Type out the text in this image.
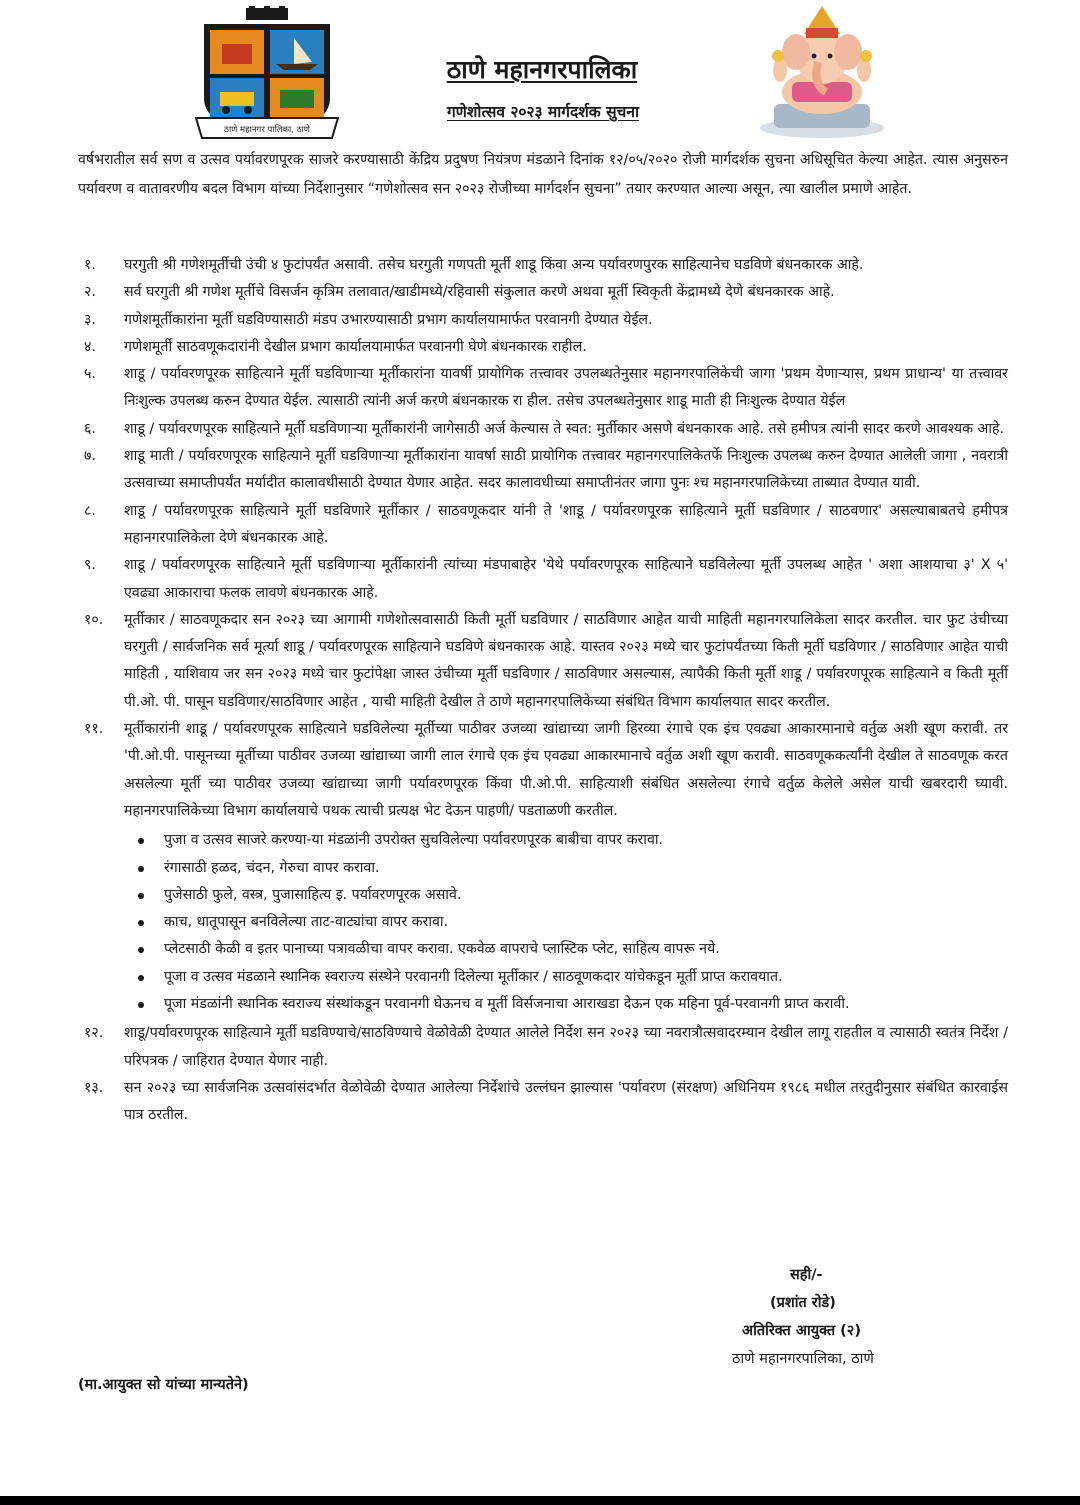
ठाणे महानगर पालिका, ठाणे
ठाणे महानगरपालिका
गणेशोत्सव २०२३ मार्गदर्शक सुचना
वर्षभरातील सर्व सण व उत्सव पर्यावरणपूरक साजरे करण्यासाठी केंद्रिय प्रदुषण नियंत्रण मंडळाने दिनांक १२/०५/२०२० रोजी मार्गदर्शक सुचना अधिसूचित केल्या आहेत. त्यास अनुसरुन पर्यावरण व वातावरणीय बदल विभाग यांच्या निर्देशानुसार “गणेशोत्सव सन २०२३ रोजीच्या मार्गदर्शन सुचना” तयार करण्यात आल्या असून, त्या खालील प्रमाणे आहेत.
१.	घरगुती श्री गणेशमूर्तीची उंची ४ फुटांपर्यंत असावी. तसेच घरगुती गणपती मूर्ती शाडू किंवा अन्य पर्यावरणपुरक साहित्यानेच घडविणे बंधनकारक आहे.
२.	सर्व घरगुती श्री गणेश मूर्तीचे विसर्जन कृत्रिम तलावात/खाडीमध्ये/रहिवासी संकुलात करणे अथवा मूर्ती स्विकृती केंद्रामध्ये देणे बंधनकारक आहे.
३.	गणेशमूर्तीकारांना मूर्ती घडविण्यासाठी मंडप उभारण्यासाठी प्रभाग कार्यालयामार्फत परवानगी देण्यात येईल.
४.	गणेशमूर्ती साठवणूकदारांनी देखील प्रभाग कार्यालयामार्फत परवानगी घेणे बंधनकारक राहील.
५.	शाडू / पर्यावरणपूरक साहित्याने मूर्ती घडविणाऱ्या मूर्तीकारांना यावर्षी प्रायोगिक तत्त्वावर उपलब्धतेनुसार महानगरपालिकेची जागा 'प्रथम येणाऱ्यास, प्रथम प्राधान्य' या तत्त्वावर निःशुल्क उपलब्ध करुन देण्यात येईल. त्यासाठी त्यांनी अर्ज करणे बंधनकारक रा हील. तसेच उपलब्धतेनुसार शाडू माती ही निःशुल्क देण्यात येईल
६.	शाडू / पर्यावरणपूरक साहित्याने मूर्ती घडविणाऱ्या मूर्तीकारांनी जागेसाठी अर्ज केल्यास ते स्वत: मुर्तीकार असणे बंधनकारक आहे. तसे हमीपत्र त्यांनी सादर करणे आवश्यक आहे.
७.	शाडू माती / पर्यावरणपूरक साहित्याने मूर्ती घडविणाऱ्या मूर्तीकारांना यावर्षा साठी प्रायोगिक तत्त्वावर महानगरपालिकेतर्फे निःशुल्क उपलब्ध करुन देण्यात आलेली जागा , नवरात्री उत्सवाच्या समाप्तीपर्यंत मर्यादीत कालावधीसाठी देण्यात येणार आहेत. सदर कालावधीच्या समाप्तीनंतर जागा पुनः श्च महानगरपालिकेच्या ताब्यात देण्यात यावी.
८.	शाडू / पर्यावरणपूरक साहित्याने मूर्ती घडविणारे मूर्तीकार / साठवणूकदार यांनी ते 'शाडू / पर्यावरणपूरक साहित्याने मूर्ती घडविणार / साठवणार' असल्याबाबतचे हमीपत्र महानगरपालिकेला देणे बंधनकारक आहे.
९.	शाडू / पर्यावरणपूरक साहित्याने मूर्ती घडविणाऱ्या मूर्तीकारांनी त्यांच्या मंडपाबाहेर 'येथे पर्यावरणपूरक साहित्याने घडविलेल्या मूर्ती उपलब्ध आहेत ' अशा आशयाचा ३' X ५' एवढ्या आकाराचा फलक लावणे बंधनकारक आहे.
१०.	मूर्तीकार / साठवणूकदार सन २०२३ च्या आगामी गणेशोत्सवासाठी किती मूर्ती घडविणार / साठविणार आहेत याची माहिती महानगरपालिकेला सादर करतील. चार फुट उंचीच्या घरगुती / सार्वजनिक सर्व मूर्त्या शाडू / पर्यावरणपूरक साहित्याने घडविणे बंधनकारक आहे. यास्तव २०२३ मध्ये चार फुटांपर्यंतच्या किती मूर्ती घडविणार / साठविणार आहेत याची माहिती , याशिवाय जर सन २०२३ मध्ये चार फुटांपेक्षा जास्त उंचीच्या मूर्ती घडविणार / साठविणार असल्यास, त्यापैकी किती मूर्ती शाडू / पर्यावरणपूरक साहित्याने व किती मूर्ती पी.ओ. पी. पासून घडविणार/साठविणार आहेत , याची माहिती देखील ते ठाणे महानगरपालिकेच्या संबंधित विभाग कार्यालयात सादर करतील.
११.	मूर्तीकारांनी शाडू / पर्यावरणपूरक साहित्याने घडविलेल्या मूर्तीच्या पाठीवर उजव्या खांद्याच्या जागी हिरव्या रंगाचे एक इंच एवढ्या आकारमानाचे वर्तुळ अशी खूण करावी. तर 'पी.ओ.पी. पासूनच्या मूर्तीच्या पाठीवर उजव्या खांद्याच्या जागी लाल रंगाचे एक इंच एवढ्या आकारमानाचे वर्तुळ अशी खूण करावी. साठवणूककर्त्यांनी देखील ते साठवणूक करत असलेल्या मूर्ती च्या पाठीवर उजव्या खांद्याच्या जागी पर्यावरणपूरक किंवा पी.ओ.पी. साहित्याशी संबंधित असलेल्या रंगाचे वर्तुळ केलेले असेल याची खबरदारी घ्यावी. महानगरपालिकेच्या विभाग कार्यालयाचे पथक त्याची प्रत्यक्ष भेट देऊन पाहणी/ पडताळणी करतील.
पुजा व उत्सव साजरे करण्या-या मंडळांनी उपरोक्त सुचविलेल्या पर्यावरणपूरक बाबीचा वापर करावा.
रंगासाठी हळद, चंदन, गेरुचा वापर करावा.
पुजेसाठी फुले, वस्त्र, पुजासाहित्य इ. पर्यावरणपूरक असावे.
काच, धातूपासून बनविलेल्या ताट-वाट्यांचा वापर करावा.
प्लेटसाठी केळी व इतर पानाच्या पत्रावळीचा वापर करावा. एकवेळ वापराचे प्लास्टिक प्लेट, साहित्य वापरू नये.
पूजा व उत्सव मंडळाने स्थानिक स्वराज्य संस्थेने परवानगी दिलेल्या मूर्तीकार / साठवूणकदार यांचेकडून मूर्ती प्राप्त करावयात.
पूजा मंडळांनी स्थानिक स्वराज्य संस्थांकडून परवानगी घेऊनच व मूर्ती विर्सजनाचा आराखडा देऊन एक महिना पूर्व-परवानगी प्राप्त करावी.
१२.	शाडू/पर्यावरणपूरक साहित्याने मूर्ती घडविण्याचे/साठविण्याचे वेळोवेळी देण्यात आलेले निर्देश सन २०२३ च्या नवरात्रौत्सवादरम्यान देखील लागू राहतील व त्यासाठी स्वतंत्र निर्देश / परिपत्रक / जाहिरात देण्यात येणार नाही.
१३.	सन २०२३ च्या सार्वजनिक उत्सवांसंदर्भात वेळोवेळी देण्यात आलेल्या निर्देशांचे उल्लंघन झाल्यास 'पर्यावरण (संरक्षण) अधिनियम १९८६ मधील तरतुदीनुसार संबंधित कारवाईस पात्र ठरतील.
सही/-
(प्रशांत रोडे)
अतिरिक्त आयुक्त (२)
ठाणे महानगरपालिका, ठाणे
(मा.आयुक्त सो यांच्या मान्यतेने)
